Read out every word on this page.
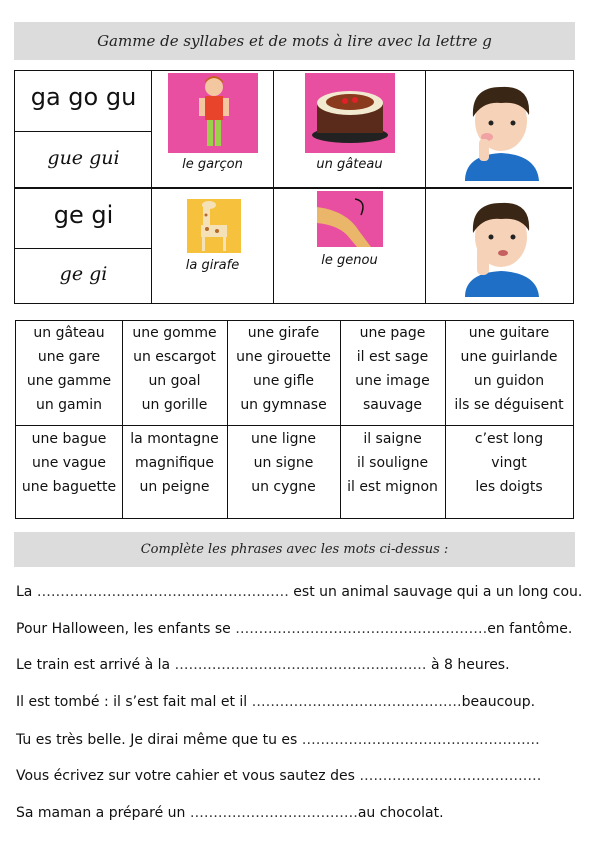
Gamme de syllabes et de mots à lire avec la lettre g
ga go gu
gue gui
ge gi
ge gi
le garçon	un gâteau
la girafe	le genou
un gâteau
une gare
une gamme
un gamin
une gomme
un escargot
un goal
un gorille
une girafe
une girouette
une gifle
un gymnase
une page
il est sage
une image
sauvage
une guitare
une guirlande
un guidon
ils se déguisent
une bague
une vague
une baguette
la montagne
magnifique
un peigne
une ligne
un signe
un cygne
il saigne
il souligne
il est mignon
c’est long
vingt
les doigts
Complète les phrases avec les mots ci-dessus :
La ……………………………………………… est un animal sauvage qui a un long cou.
Pour Halloween, les enfants se ………………………………………………en fantôme.
Le train est arrivé à la ……………………………………………… à 8 heures.
Il est tombé : il s’est fait mal et il ………………………………………beaucoup.
Tu es très belle. Je dirai même que tu es ……………………………………………
Vous écrivez sur votre cahier et vous sautez des …………………………………
Sa maman a préparé un ………………………………au chocolat.
